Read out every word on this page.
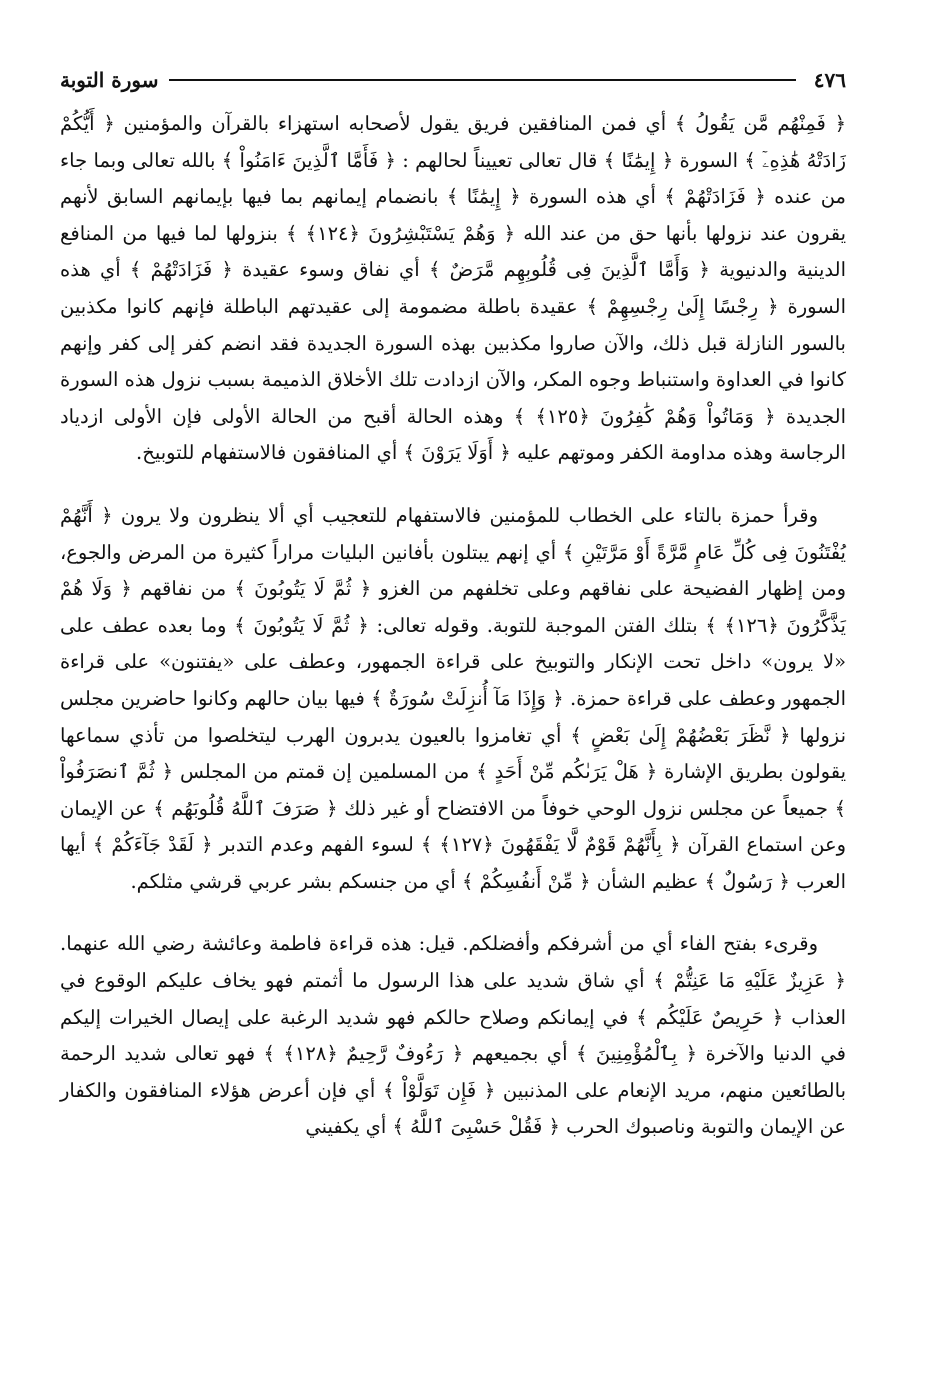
٤٧٦
سورة التوبة

﴿ فَمِنْهُم مَّن يَقُولُ ﴾ أي فمن المنافقين فريق يقول لأصحابه استهزاء بالقرآن والمؤمنين ﴿ أَيُّكُمْ زَادَتْهُ هَٰذِهِۦٓ ﴾ السورة ﴿ إِيمَٰنًا ﴾ قال تعالى تعييناً لحالهم : ﴿ فَأَمَّا ٱلَّذِينَ ءَامَنُواْ ﴾ بالله تعالى وبما جاء من عنده ﴿ فَزَادَتْهُمْ ﴾ أي هذه السورة ﴿ إِيمَٰنًا ﴾ بانضمام إيمانهم بما فيها بإيمانهم السابق لأنهم يقرون عند نزولها بأنها حق من عند الله ﴿ وَهُمْ يَسْتَبْشِرُونَ ﴿١٢٤﴾ ﴾ بنزولها لما فيها من المنافع الدينية والدنيوية ﴿ وَأَمَّا ٱلَّذِينَ فِى قُلُوبِهِم مَّرَضٌ ﴾ أي نفاق وسوء عقيدة ﴿ فَزَادَتْهُمْ ﴾ أي هذه السورة ﴿ رِجْسًا إِلَىٰ رِجْسِهِمْ ﴾ عقيدة باطلة مضمومة إلى عقيدتهم الباطلة فإنهم كانوا مكذبين بالسور النازلة قبل ذلك، والآن صاروا مكذبين بهذه السورة الجديدة فقد انضم كفر إلى كفر وإنهم كانوا في العداوة واستنباط وجوه المكر، والآن ازدادت تلك الأخلاق الذميمة بسبب نزول هذه السورة الجديدة ﴿ وَمَاتُواْ وَهُمْ كَٰفِرُونَ ﴿١٢٥﴾ ﴾ وهذه الحالة أقبح من الحالة الأولى فإن الأولى ازدياد الرجاسة وهذه مداومة الكفر وموتهم عليه ﴿ أَوَلَا يَرَوْنَ ﴾ أي المنافقون فالاستفهام للتوبيخ.

وقرأ حمزة بالتاء على الخطاب للمؤمنين فالاستفهام للتعجيب أي ألا ينظرون ولا يرون ﴿ أَنَّهُمْ يُفْتَنُونَ فِى كُلِّ عَامٍ مَّرَّةً أَوْ مَرَّتَيْنِ ﴾ أي إنهم يبتلون بأفانين البليات مراراً كثيرة من المرض والجوع، ومن إظهار الفضيحة على نفاقهم وعلى تخلفهم من الغزو ﴿ ثُمَّ لَا يَتُوبُونَ ﴾ من نفاقهم ﴿ وَلَا هُمْ يَذَّكَّرُونَ ﴿١٢٦﴾ ﴾ بتلك الفتن الموجبة للتوبة. وقوله تعالى: ﴿ ثُمَّ لَا يَتُوبُونَ ﴾ وما بعده عطف على «لا يرون» داخل تحت الإنكار والتوبيخ على قراءة الجمهور، وعطف على «يفتنون» على قراءة الجمهور وعطف على قراءة حمزة. ﴿ وَإِذَا مَآ أُنزِلَتْ سُورَةٌ ﴾ فيها بيان حالهم وكانوا حاضرين مجلس نزولها ﴿ نَّظَرَ بَعْضُهُمْ إِلَىٰ بَعْضٍ ﴾ أي تغامزوا بالعيون يدبرون الهرب ليتخلصوا من تأذي سماعها يقولون بطريق الإشارة ﴿ هَلْ يَرَىٰكُم مِّنْ أَحَدٍ ﴾ من المسلمين إن قمتم من المجلس ﴿ ثُمَّ ٱنصَرَفُواْ ﴾ جميعاً عن مجلس نزول الوحي خوفاً من الافتضاح أو غير ذلك ﴿ صَرَفَ ٱللَّهُ قُلُوبَهُم ﴾ عن الإيمان وعن استماع القرآن ﴿ بِأَنَّهُمْ قَوْمٌ لَّا يَفْقَهُونَ ﴿١٢٧﴾ ﴾ لسوء الفهم وعدم التدبر ﴿ لَقَدْ جَآءَكُمْ ﴾ أيها العرب ﴿ رَسُولٌ ﴾ عظيم الشأن ﴿ مِّنْ أَنفُسِكُمْ ﴾ أي من جنسكم بشر عربي قرشي مثلكم.

وقرىء بفتح الفاء أي من أشرفكم وأفضلكم. قيل: هذه قراءة فاطمة وعائشة رضي الله عنهما. ﴿ عَزِيزٌ عَلَيْهِ مَا عَنِتُّمْ ﴾ أي شاق شديد على هذا الرسول ما أثمتم فهو يخاف عليكم الوقوع في العذاب ﴿ حَرِيصٌ عَلَيْكُم ﴾ في إيمانكم وصلاح حالكم فهو شديد الرغبة على إيصال الخيرات إليكم في الدنيا والآخرة ﴿ بِٱلْمُؤْمِنِينَ ﴾ أي بجميعهم ﴿ رَءُوفٌ رَّحِيمٌ ﴿١٢٨﴾ ﴾ فهو تعالى شديد الرحمة بالطائعين منهم، مريد الإنعام على المذنبين ﴿ فَإِن تَوَلَّوْاْ ﴾ أي فإن أعرض هؤلاء المنافقون والكفار عن الإيمان والتوبة وناصبوك الحرب ﴿ فَقُلْ حَسْبِىَ ٱللَّهُ ﴾ أي يكفيني
